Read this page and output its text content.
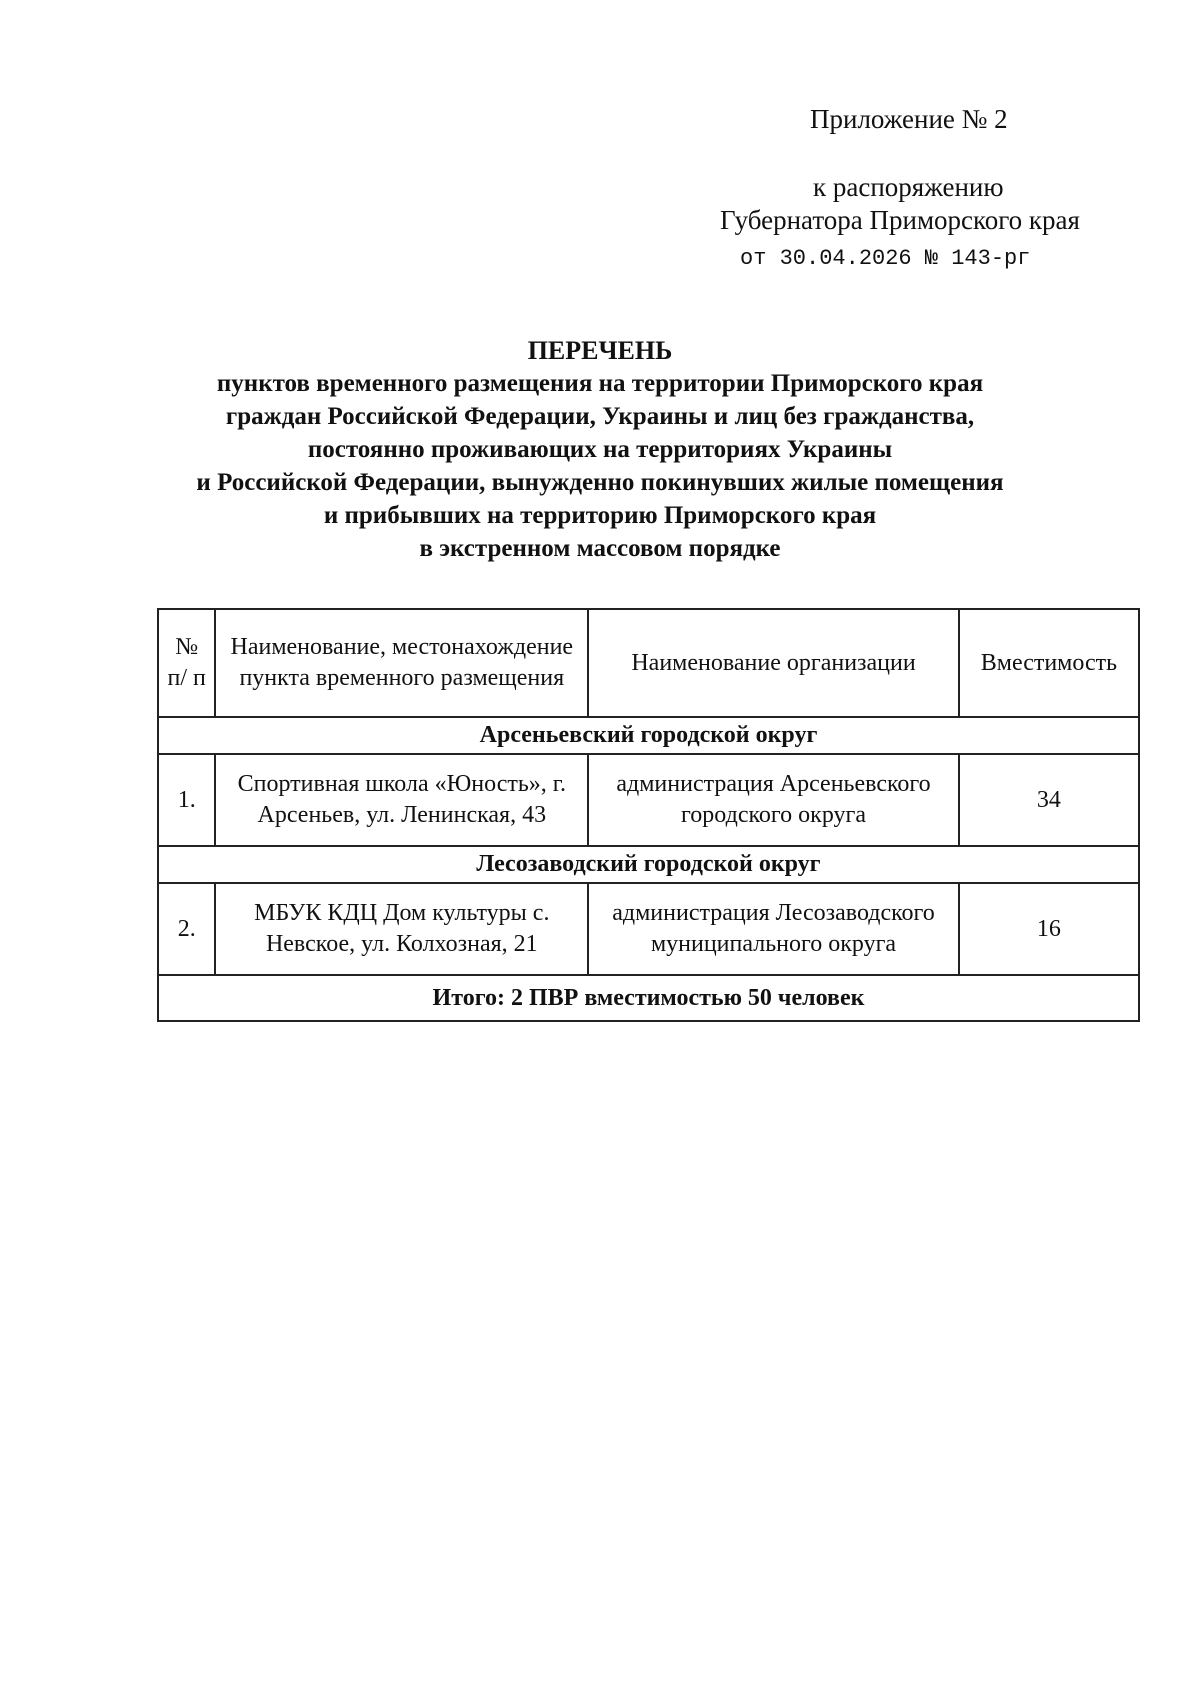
Приложение № 2
к распоряжению
Губернатора Приморского края
от 30.04.2026 № 143-рг
ПЕРЕЧЕНЬ
пунктов временного размещения на территории Приморского края
граждан Российской Федерации, Украины и лиц без гражданства,
постоянно проживающих на территориях Украины
и Российской Федерации, вынужденно покинувших жилые помещения
и прибывших на территорию Приморского края
в экстренном массовом порядке
№ п/ п	Наименование, местонахождение пункта временного размещения	Наименование организации	Вместимость
Арсеньевский городской округ			
1.	Спортивная школа «Юность», г. Арсеньев, ул. Ленинская, 43	администрация Арсеньевского городского округа	34
Лесозаводский городской округ			
2.	МБУК КДЦ Дом культуры с. Невское, ул. Колхозная, 21	администрация Лесозаводского муниципального округа	16
Итого: 2 ПВР вместимостью 50 человек			
